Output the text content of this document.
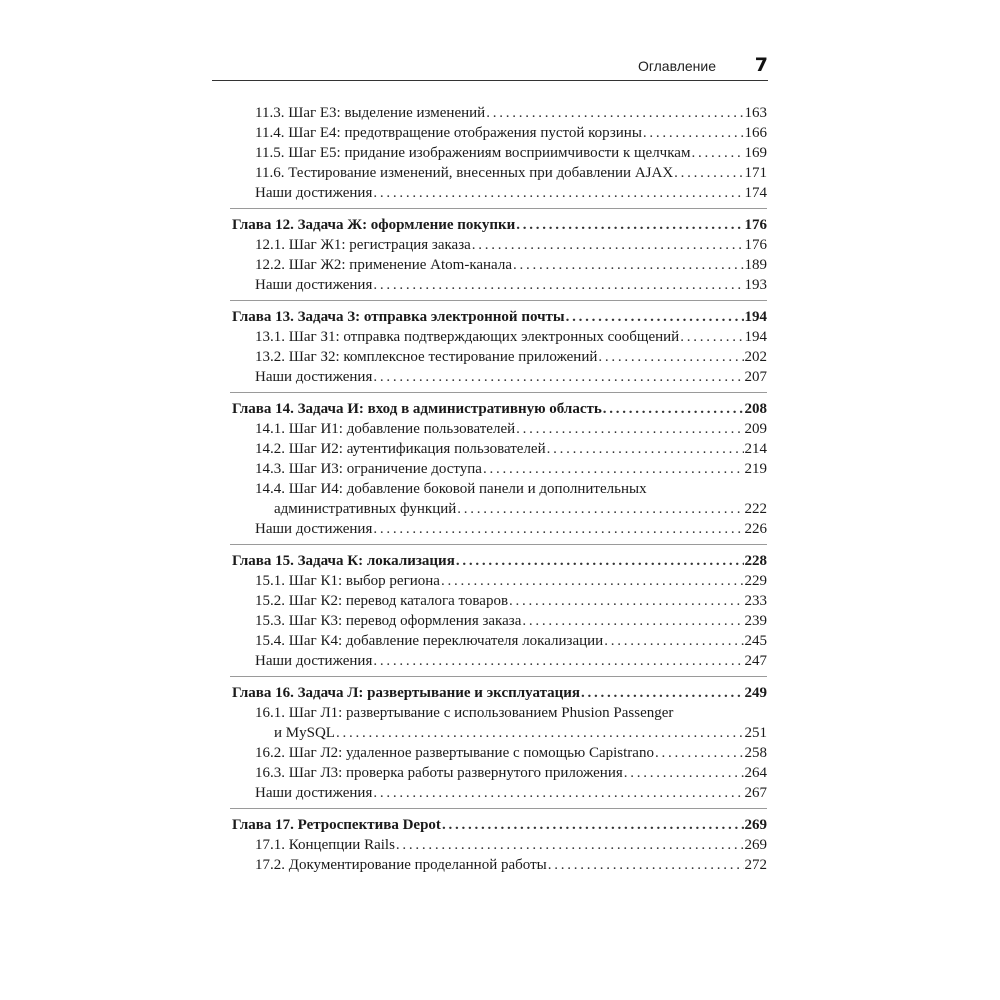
Оглавление 7
11.3. Шаг Е3: выделение изменений . . .	163
11.4. Шаг Е4: предотвращение отображения пустой корзины . . .	166
11.5. Шаг Е5: придание изображениям восприимчивости к щелчкам . . .	169
11.6. Тестирование изменений, внесенных при добавлении AJAX . . .	171
Наши достижения . . .	174
Глава 12. Задача Ж: оформление покупки . . .	176
12.1. Шаг Ж1: регистрация заказа . . .	176
12.2. Шаг Ж2: применение Atom-канала . . .	189
Наши достижения . . .	193
Глава 13. Задача З: отправка электронной почты . . .	194
13.1. Шаг З1: отправка подтверждающих электронных сообщений . . .	194
13.2. Шаг З2: комплексное тестирование приложений . . .	202
Наши достижения . . .	207
Глава 14. Задача И: вход в административную область . . .	208
14.1. Шаг И1: добавление пользователей . . .	209
14.2. Шаг И2: аутентификация пользователей . . .	214
14.3. Шаг И3: ограничение доступа . . .	219
14.4. Шаг И4: добавление боковой панели и дополнительных
административных функций . . .	222
Наши достижения . . .	226
Глава 15. Задача К: локализация . . .	228
15.1. Шаг К1: выбор региона . . .	229
15.2. Шаг К2: перевод каталога товаров . . .	233
15.3. Шаг К3: перевод оформления заказа . . .	239
15.4. Шаг К4: добавление переключателя локализации . . .	245
Наши достижения . . .	247
Глава 16. Задача Л: развертывание и эксплуатация . . .	249
16.1. Шаг Л1: развертывание с использованием Phusion Passenger
и MySQL . . .	251
16.2. Шаг Л2: удаленное развертывание с помощью Capistrano . . .	258
16.3. Шаг Л3: проверка работы развернутого приложения . . .	264
Наши достижения . . .	267
Глава 17. Ретроспектива Depot . . .	269
17.1. Концепции Rails . . .	269
17.2. Документирование проделанной работы . . .	272
